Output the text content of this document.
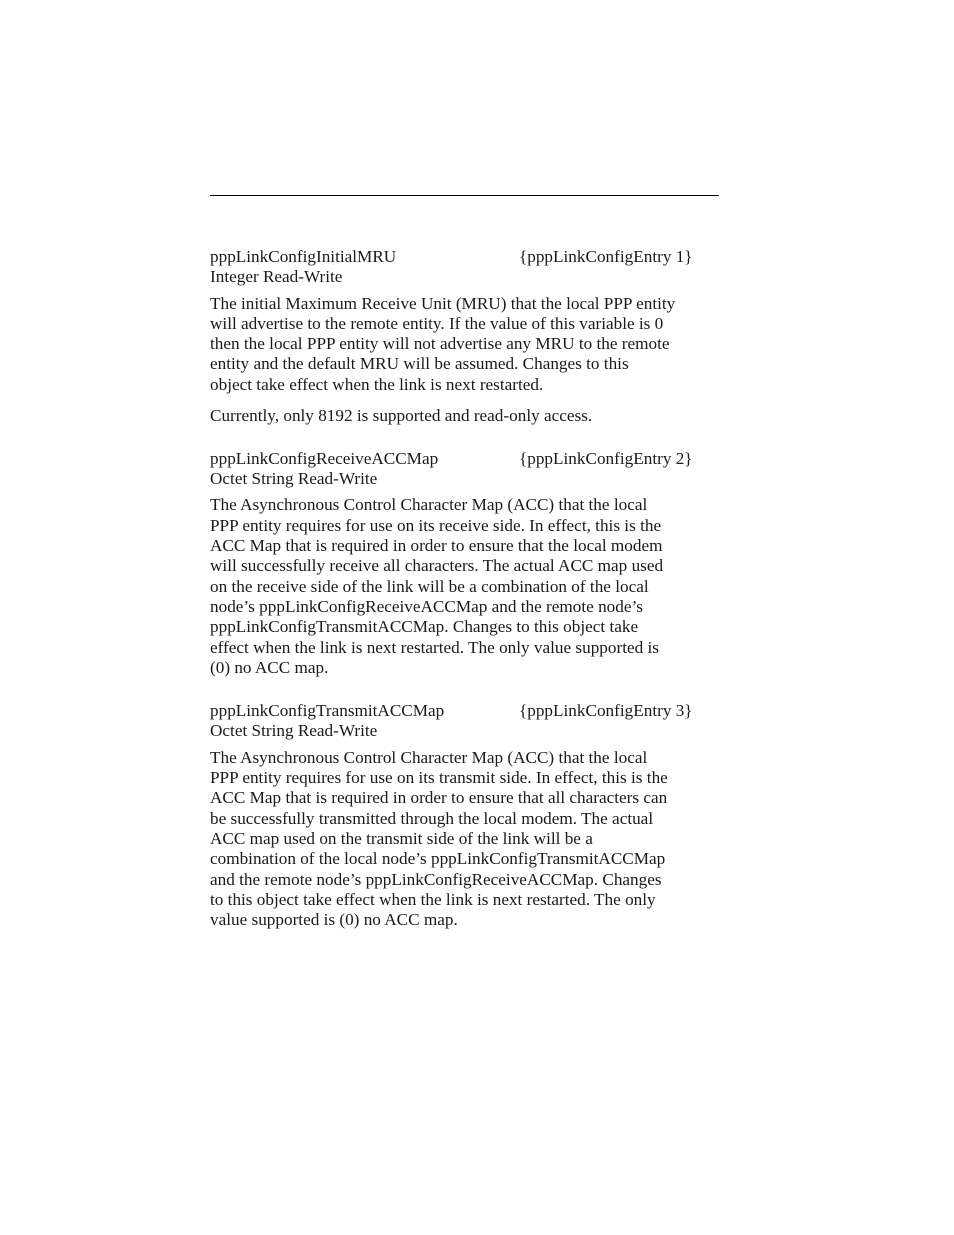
pppLinkConfigInitialMRU	{pppLinkConfigEntry 1}
Integer Read-Write
The initial Maximum Receive Unit (MRU) that the local PPP entity
will advertise to the remote entity. If the value of this variable is 0
then the local PPP entity will not advertise any MRU to the remote
entity and the default MRU will be assumed. Changes to this
object take effect when the link is next restarted.
Currently, only 8192 is supported and read-only access.
pppLinkConfigReceiveACCMap	{pppLinkConfigEntry 2}
Octet String Read-Write
The Asynchronous Control Character Map (ACC) that the local
PPP entity requires for use on its receive side. In effect, this is the
ACC Map that is required in order to ensure that the local modem
will successfully receive all characters. The actual ACC map used
on the receive side of the link will be a combination of the local
node’s pppLinkConfigReceiveACCMap and the remote node’s
pppLinkConfigTransmitACCMap. Changes to this object take
effect when the link is next restarted. The only value supported is
(0) no ACC map.
pppLinkConfigTransmitACCMap	{pppLinkConfigEntry 3}
Octet String Read-Write
The Asynchronous Control Character Map (ACC) that the local
PPP entity requires for use on its transmit side. In effect, this is the
ACC Map that is required in order to ensure that all characters can
be successfully transmitted through the local modem. The actual
ACC map used on the transmit side of the link will be a
combination of the local node’s pppLinkConfigTransmitACCMap
and the remote node’s pppLinkConfigReceiveACCMap. Changes
to this object take effect when the link is next restarted. The only
value supported is (0) no ACC map.
